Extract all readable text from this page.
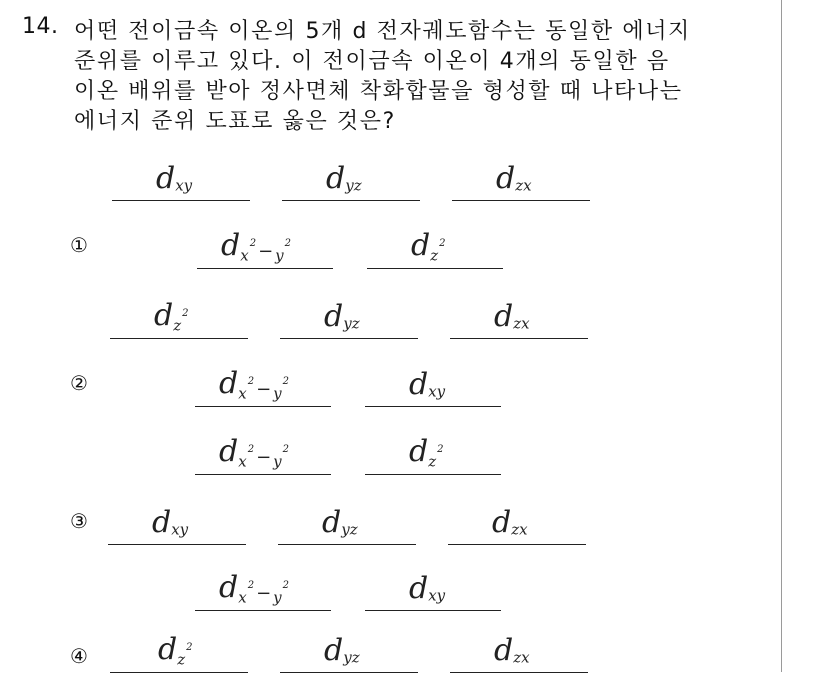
14. 어떤 전이금속 이온의 5개 d 전자궤도함수는 동일한 에너지
준위를 이루고 있다. 이 전이금속 이온이 4개의 동일한 음
이온 배위를 받아 정사면체 착화합물을 형성할 때 나타나는
에너지 준위 도표로 옳은 것은?
dxy	dyz	dzx
①	$dx^2 - y^2$	$dz^2$
$dz^2$	dyz	dzx
②	$dx^2 - y^2$	dxy
$dx^2 - y^2$	$dz^2$
③ dxy	dyz	dzx
$dx^2 - y^2$	dxy
④ $dz^2$	dyz	dzx
